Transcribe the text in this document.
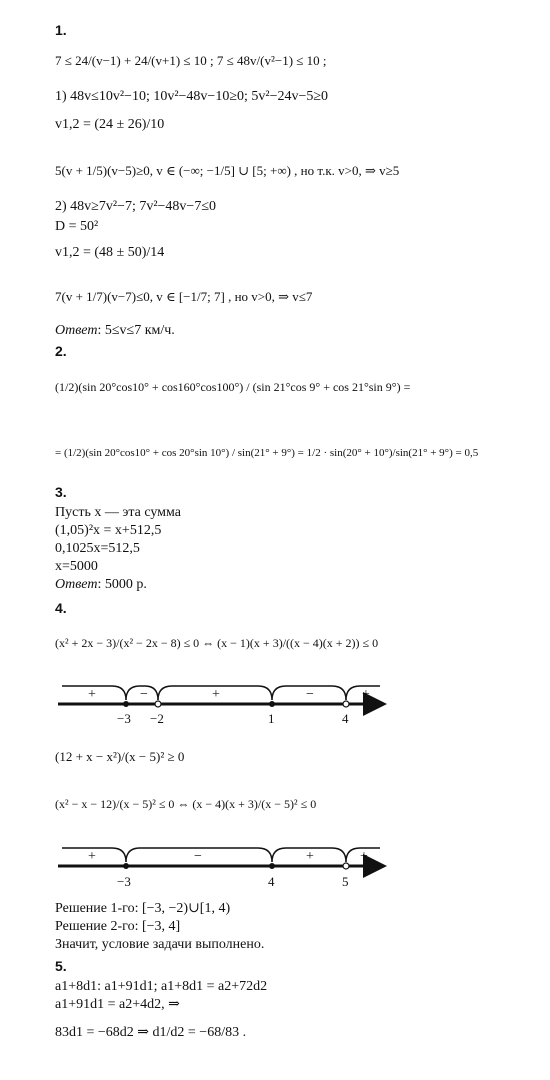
1.
2.
3.
4.
5.
7 ≤ 24/(v−1) + 24/(v+1) ≤ 10 ; 7 ≤ 48v/(v²−1) ≤ 10 ;
1) 48v≤10v²−10; 10v²−48v−10≥0; 5v²−24v−5≥0
v1,2 = (24 ± 26)/10
5(v + 1/5)(v−5)≥0, v ∈ (−∞; −1/5] ∪ [5; +∞) , но т.к. v>0, ⇒ v≥5
2) 48v≥7v²−7; 7v²−48v−7≤0
D = 50²
v1,2 = (48 ± 50)/14
7(v + 1/7)(v−7)≤0, v ∈ [−1/7; 7] , но v>0, ⇒ v≤7
Ответ: 5≤v≤7 км/ч.
(1/2)(sin 20°cos10° + cos160°cos100°) / (sin 21°cos 9° + cos 21°sin 9°) =
= (1/2)(sin 20°cos10° + cos 20°sin 10°) / sin(21° + 9°) = 1/2 · sin(20° + 10°)/sin(21° + 9°) = 0,5
Пусть x — эта сумма
(1,05)²x = x+512,5
0,1025x=512,5
x=5000
Ответ: 5000 р.
(x² + 2x − 3)/(x² − 2x − 8) ≤ 0 ⇔ (x − 1)(x + 3)/((x − 4)(x + 2)) ≤ 0
(12 + x − x²)/(x − 5)² ≥ 0
(x² − x − 12)/(x − 5)² ≤ 0 ⇔ (x − 4)(x + 3)/(x − 5)² ≤ 0
Решение 1-го: [−3, −2)∪[1, 4)
Решение 2-го: [−3, 4]
Значит, условие задачи выполнено.
a1+8d1: a1+91d1; a1+8d1 = a2+72d2
a1+91d1 = a2+4d2, ⇒
83d1 = −68d2 ⇒ d1/d2 = −68/83 .
+	−	+	−	+
−3 −2	1	4
+	−	+	+
−3	4	5
